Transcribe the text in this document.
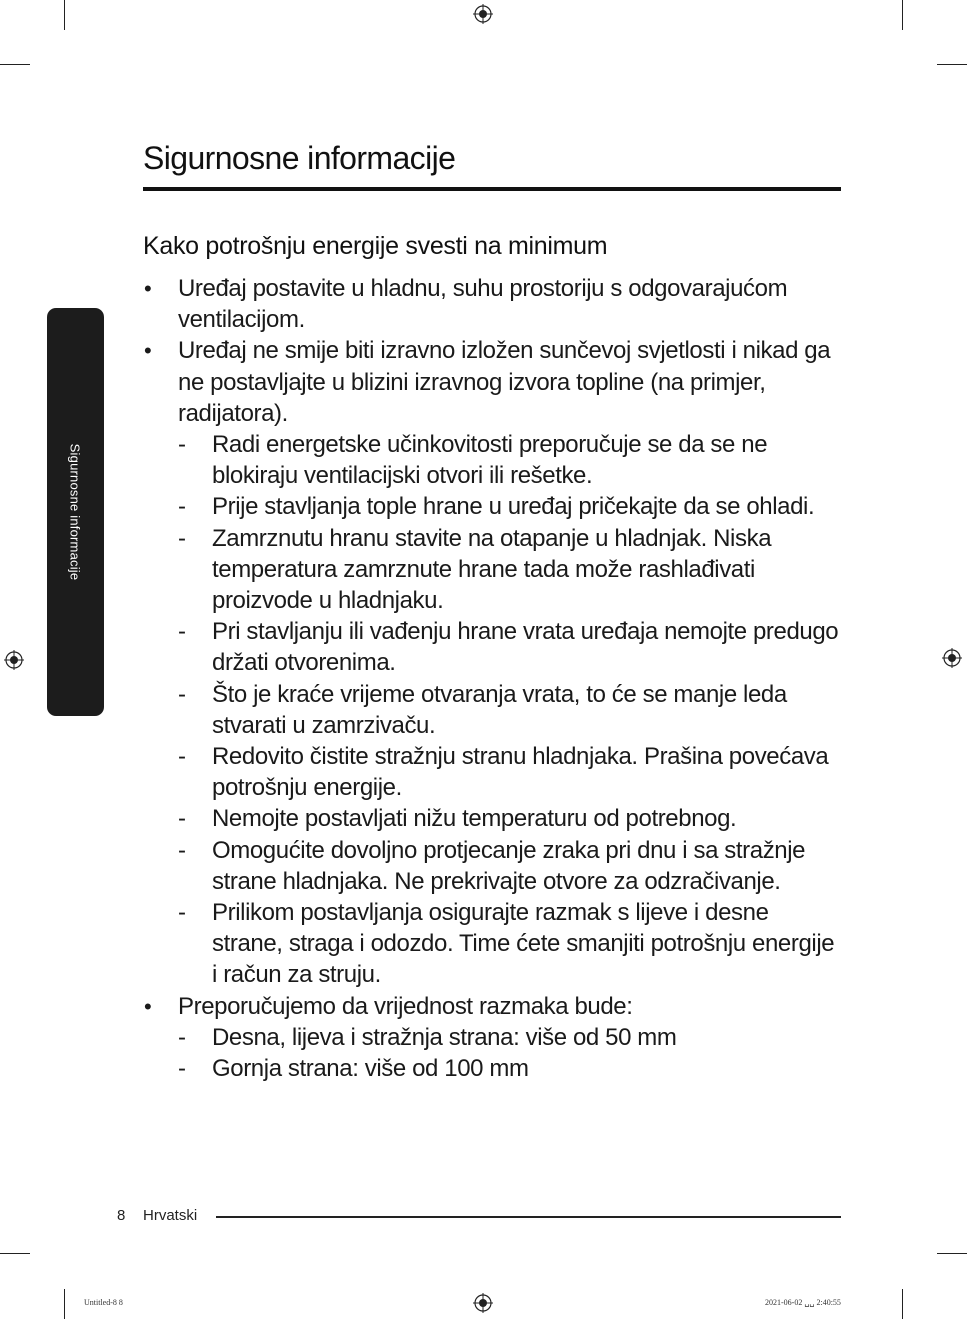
Sigurnosne informacije
Sigurnosne informacije
Kako potrošnju energije svesti na minimum
• Uređaj postavite u hladnu, suhu prostoriju s odgovarajućom ventilacijom.
• Uređaj ne smije biti izravno izložen sunčevoj svjetlosti i nikad ga ne postavljajte u blizini izravnog izvora topline (na primjer, radijatora).
- Radi energetske učinkovitosti preporučuje se da se ne blokiraju ventilacijski otvori ili rešetke.
- Prije stavljanja tople hrane u uređaj pričekajte da se ohladi.
- Zamrznutu hranu stavite na otapanje u hladnjak. Niska temperatura zamrznute hrane tada može rashlađivati proizvode u hladnjaku.
- Pri stavljanju ili vađenju hrane vrata uređaja nemojte predugo držati otvorenima.
- Što je kraće vrijeme otvaranja vrata, to će se manje leda stvarati u zamrzivaču.
- Redovito čistite stražnju stranu hladnjaka. Prašina povećava potrošnju energije.
- Nemojte postavljati nižu temperaturu od potrebnog.
- Omogućite dovoljno protjecanje zraka pri dnu i sa stražnje strane hladnjaka. Ne prekrivajte otvore za odzračivanje.
- Prilikom postavljanja osigurajte razmak s lijeve i desne strane, straga i odozdo. Time ćete smanjiti potrošnju energije i račun za struju.
• Preporučujemo da vrijednost razmaka bude:
- Desna, lijeva i stražnja strana: više od 50 mm
- Gornja strana: više od 100 mm
8 Hrvatski
Untitled-8 8	2021-06-02 ␣␣ 2:40:55
